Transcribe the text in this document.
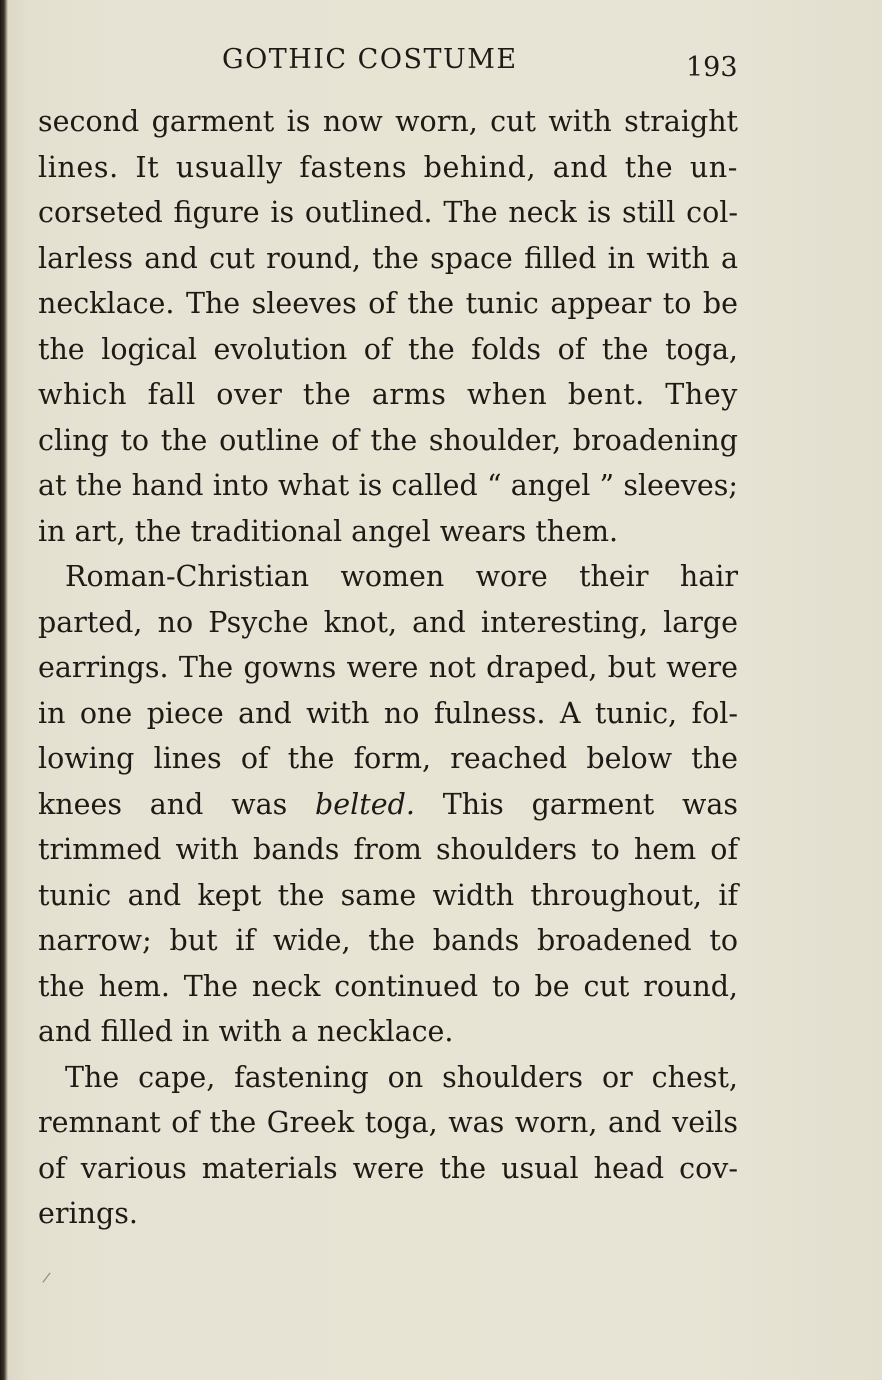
GOTHIC COSTUME	193
second garment is now worn, cut with straight
lines. It usually fastens behind, and the un-
corseted figure is outlined. The neck is still col-
larless and cut round, the space filled in with a
necklace. The sleeves of the tunic appear to be
the logical evolution of the folds of the toga,
which fall over the arms when bent. They
cling to the outline of the shoulder, broadening
at the hand into what is called “ angel ” sleeves;
in art, the traditional angel wears them.
Roman-Christian women wore their hair
parted, no Psyche knot, and interesting, large
earrings. The gowns were not draped, but were
in one piece and with no fulness. A tunic, fol-
lowing lines of the form, reached below the
knees and was belted. This garment was
trimmed with bands from shoulders to hem of
tunic and kept the same width throughout, if
narrow; but if wide, the bands broadened to
the hem. The neck continued to be cut round,
and filled in with a necklace.
The cape, fastening on shoulders or chest,
remnant of the Greek toga, was worn, and veils
of various materials were the usual head cov-
erings.
/
